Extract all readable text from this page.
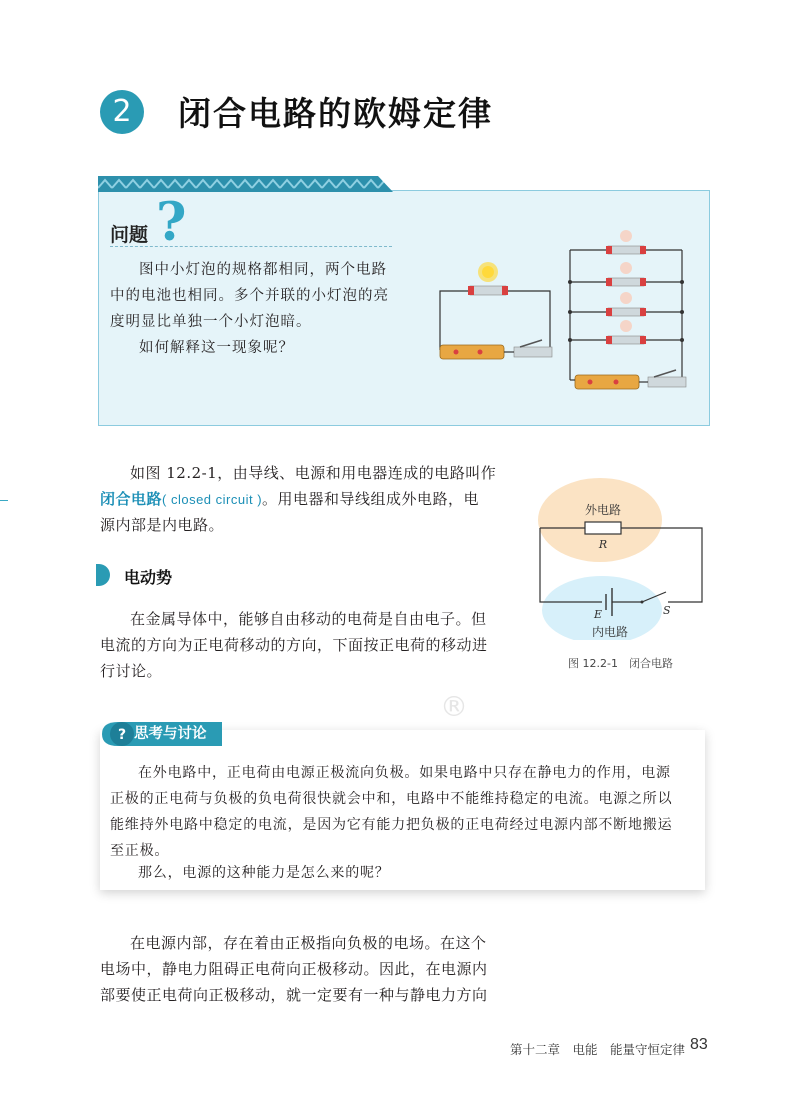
2	闭合电路的欧姆定律
问题 ?
图中小灯泡的规格都相同，两个电路
中的电池也相同。多个并联的小灯泡的亮
度明显比单独一个小灯泡暗。
如何解释这一现象呢？
如图 12.2-1，由导线、电源和用电器连成的电路叫作
闭合电路( closed circuit )。用电器和导线组成外电路，电
源内部是内电路。
外电路
R
E	S
内电路
图 12.2-1　闭合电路
电动势
在金属导体中，能够自由移动的电荷是自由电子。但
电流的方向为正电荷移动的方向，下面按正电荷的移动进
行讨论。
®
? 思考与讨论
在外电路中，正电荷由电源正极流向负极。如果电路中只存在静电力的作用，电源
正极的正电荷与负极的负电荷很快就会中和，电路中不能维持稳定的电流。电源之所以
能维持外电路中稳定的电流，是因为它有能力把负极的正电荷经过电源内部不断地搬运
至正极。
那么，电源的这种能力是怎么来的呢？
在电源内部，存在着由正极指向负极的电场。在这个
电场中，静电力阻碍正电荷向正极移动。因此，在电源内
部要使正电荷向正极移动，就一定要有一种与静电力方向
第十二章　电能　能量守恒定律 83
